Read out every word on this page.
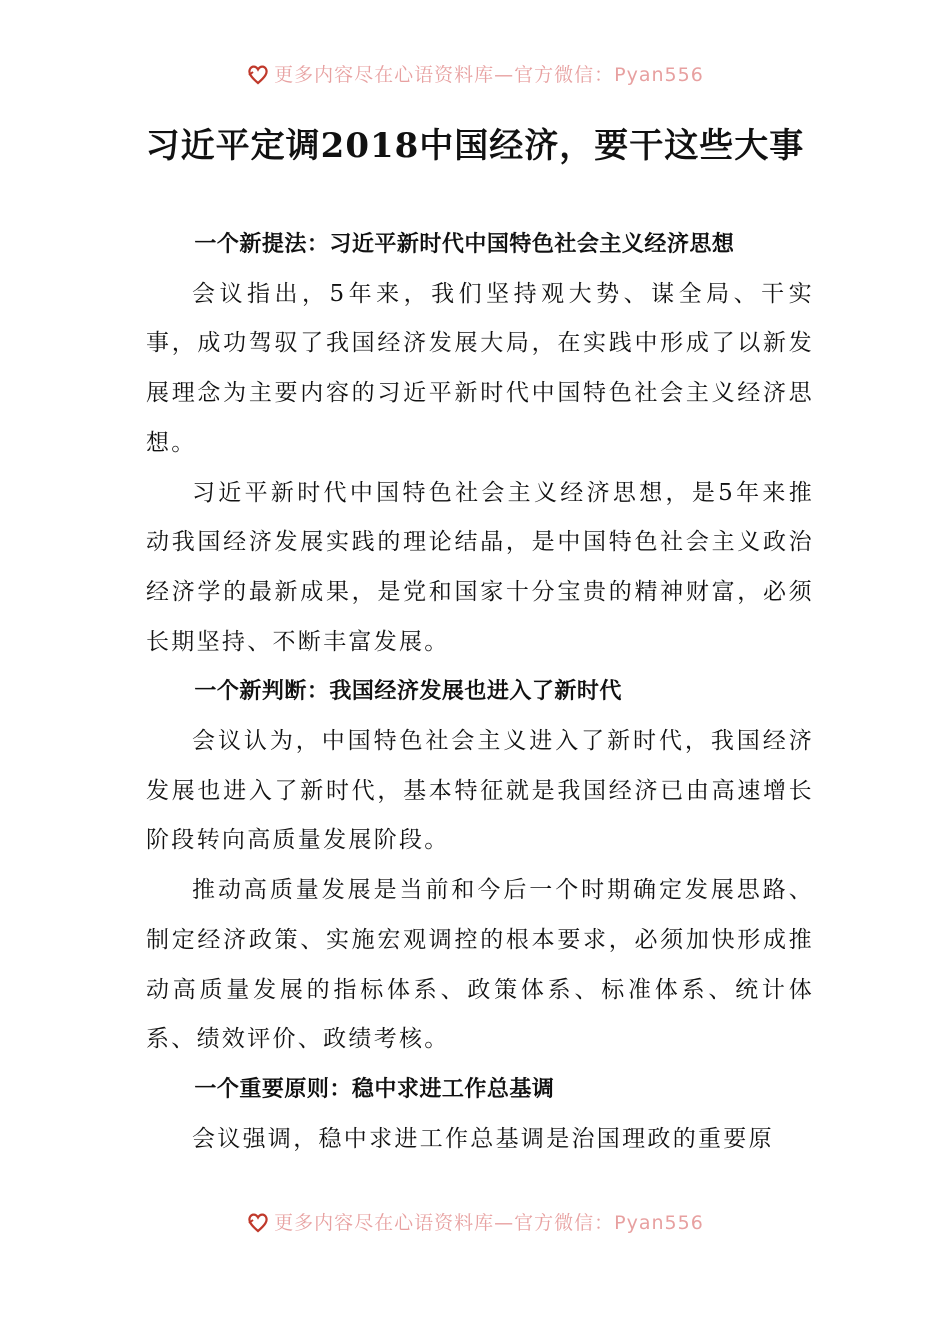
更多内容尽在心语资料库—官方微信：Pyan556
习近平定调2018中国经济，要干这些大事

一个新提法：习近平新时代中国特色社会主义经济思想

会议指出，5年来，我们坚持观大势、谋全局、干实事，成功驾驭了我国经济发展大局，在实践中形成了以新发展理念为主要内容的习近平新时代中国特色社会主义经济思想。

习近平新时代中国特色社会主义经济思想，是5年来推动我国经济发展实践的理论结晶，是中国特色社会主义政治经济学的最新成果，是党和国家十分宝贵的精神财富，必须长期坚持、不断丰富发展。

一个新判断：我国经济发展也进入了新时代

会议认为，中国特色社会主义进入了新时代，我国经济发展也进入了新时代，基本特征就是我国经济已由高速增长阶段转向高质量发展阶段。

推动高质量发展是当前和今后一个时期确定发展思路、制定经济政策、实施宏观调控的根本要求，必须加快形成推动高质量发展的指标体系、政策体系、标准体系、统计体系、绩效评价、政绩考核。

一个重要原则：稳中求进工作总基调

会议强调，稳中求进工作总基调是治国理政的重要原

更多内容尽在心语资料库—官方微信：Pyan556
